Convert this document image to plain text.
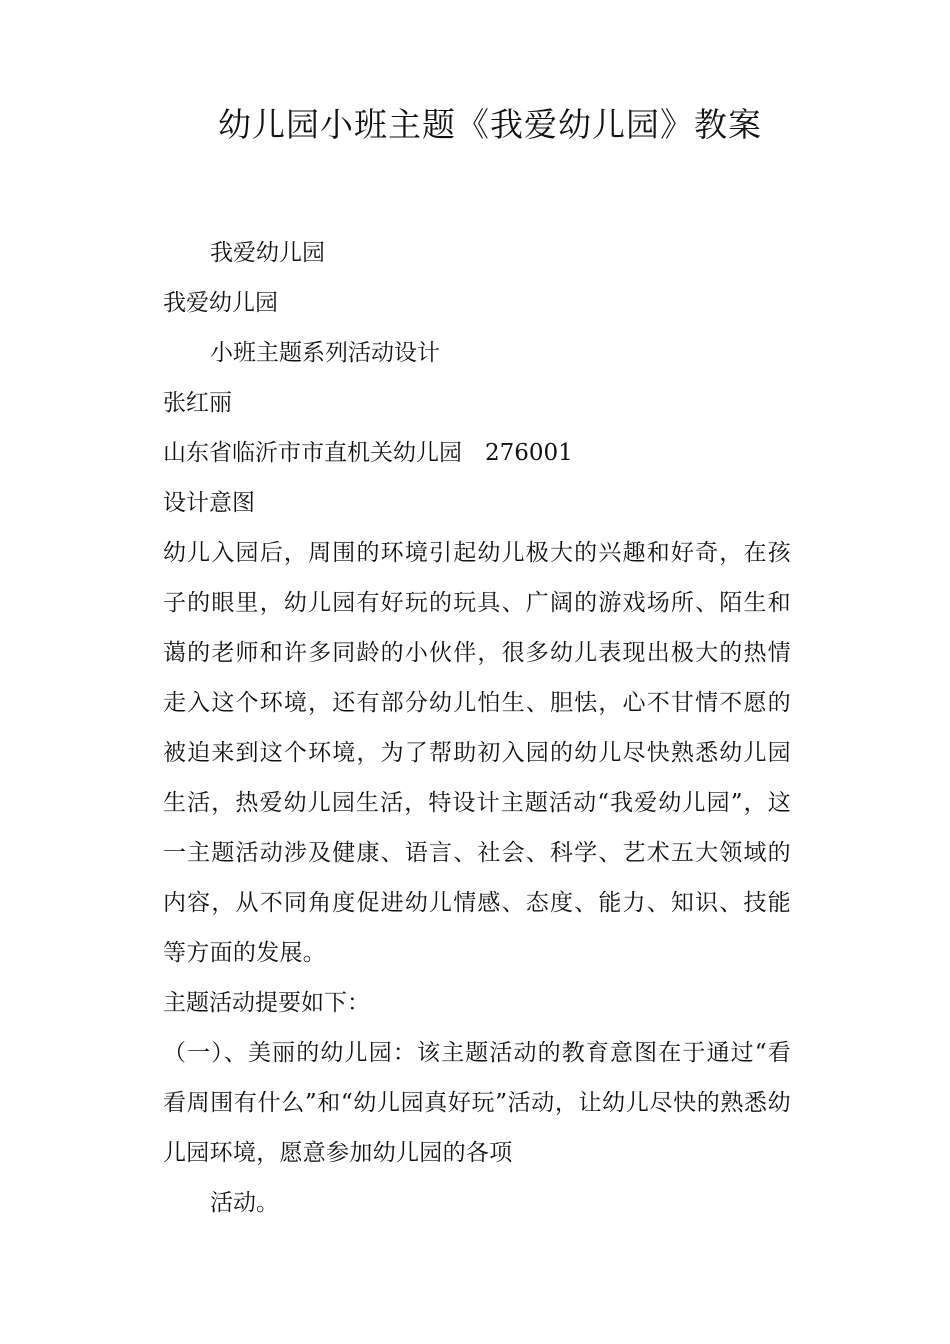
幼儿园小班主题《我爱幼儿园》教案

我爱幼儿园

我爱幼儿园

小班主题系列活动设计

张红丽

山东省临沂市市直机关幼儿园　276001

设计意图

幼儿入园后，周围的环境引起幼儿极大的兴趣和好奇，在孩子的眼里，幼儿园有好玩的玩具、广阔的游戏场所、陌生和蔼的老师和许多同龄的小伙伴，很多幼儿表现出极大的热情走入这个环境，还有部分幼儿怕生、胆怯，心不甘情不愿的被迫来到这个环境，为了帮助初入园的幼儿尽快熟悉幼儿园生活，热爱幼儿园生活，特设计主题活动“我爱幼儿园”，这一主题活动涉及健康、语言、社会、科学、艺术五大领域的内容，从不同角度促进幼儿情感、态度、能力、知识、技能等方面的发展。

主题活动提要如下：

（一）、美丽的幼儿园：该主题活动的教育意图在于通过“看看周围有什么”和“幼儿园真好玩”活动，让幼儿尽快的熟悉幼儿园环境，愿意参加幼儿园的各项

活动。
